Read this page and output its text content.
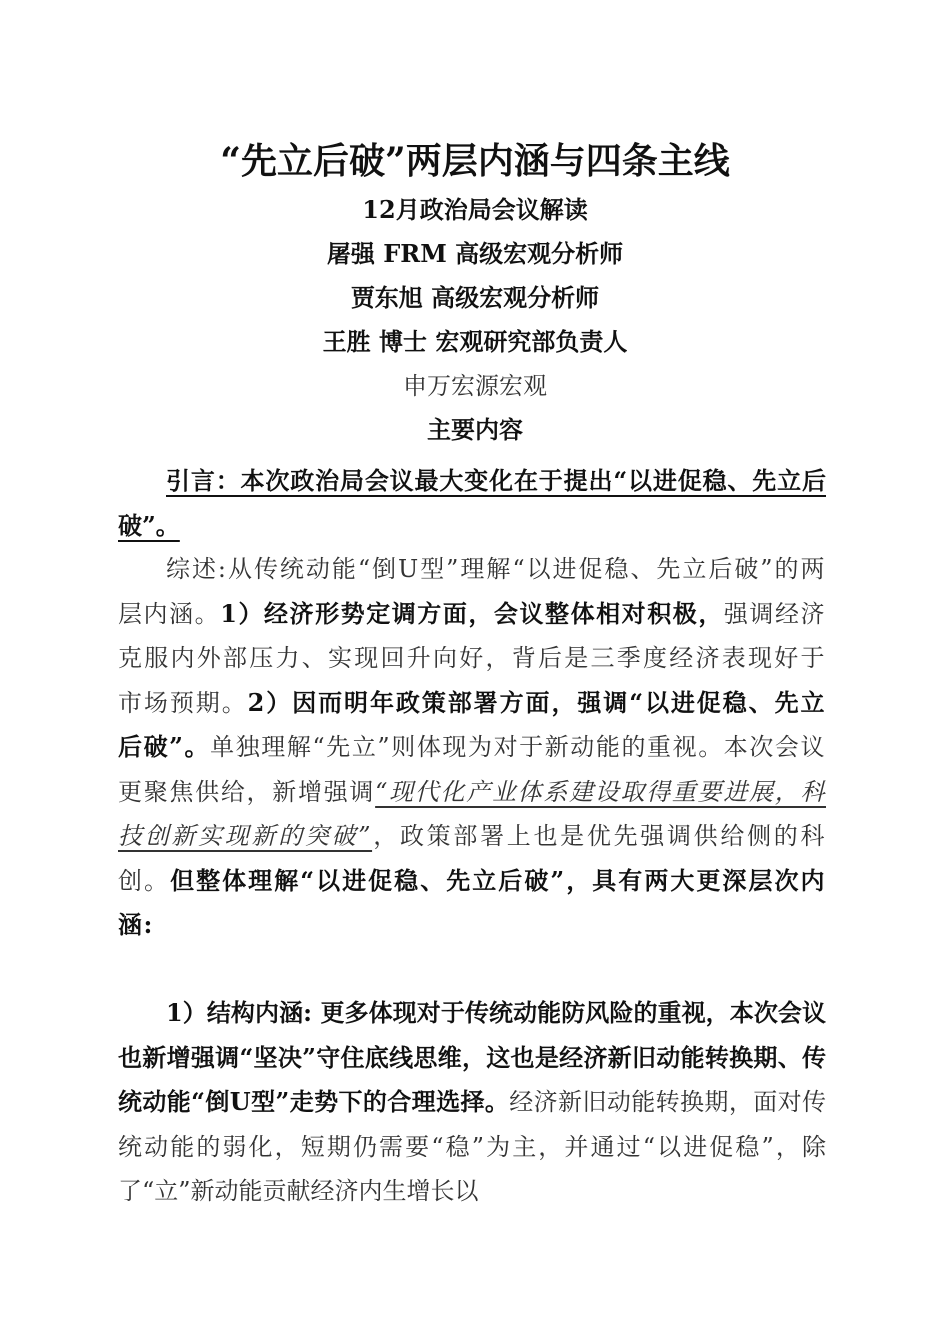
“先立后破”两层内涵与四条主线
12月政治局会议解读
屠强 FRM 高级宏观分析师
贾东旭 高级宏观分析师
王胜 博士 宏观研究部负责人
申万宏源宏观
主要内容
引言：本次政治局会议最大变化在于提出“以进促稳、先立后破”。
综述:从传统动能“倒U型”理解“以进促稳、先立后破”的两层内涵。1）经济形势定调方面，会议整体相对积极，强调经济克服内外部压力、实现回升向好，背后是三季度经济表现好于市场预期。2）因而明年政策部署方面，强调“以进促稳、先立后破”。单独理解“先立”则体现为对于新动能的重视。本次会议更聚焦供给，新增强调“现代化产业体系建设取得重要进展，科技创新实现新的突破”，政策部署上也是优先强调供给侧的科创。但整体理解“以进促稳、先立后破”，具有两大更深层次内涵:
1）结构内涵: 更多体现对于传统动能防风险的重视，本次会议也新增强调“坚决”守住底线思维，这也是经济新旧动能转换期、传统动能“倒U型”走势下的合理选择。经济新旧动能转换期，面对传统动能的弱化，短期仍需要“稳”为主，并通过“以进促稳”，除了“立”新动能贡献经济内生增长以
